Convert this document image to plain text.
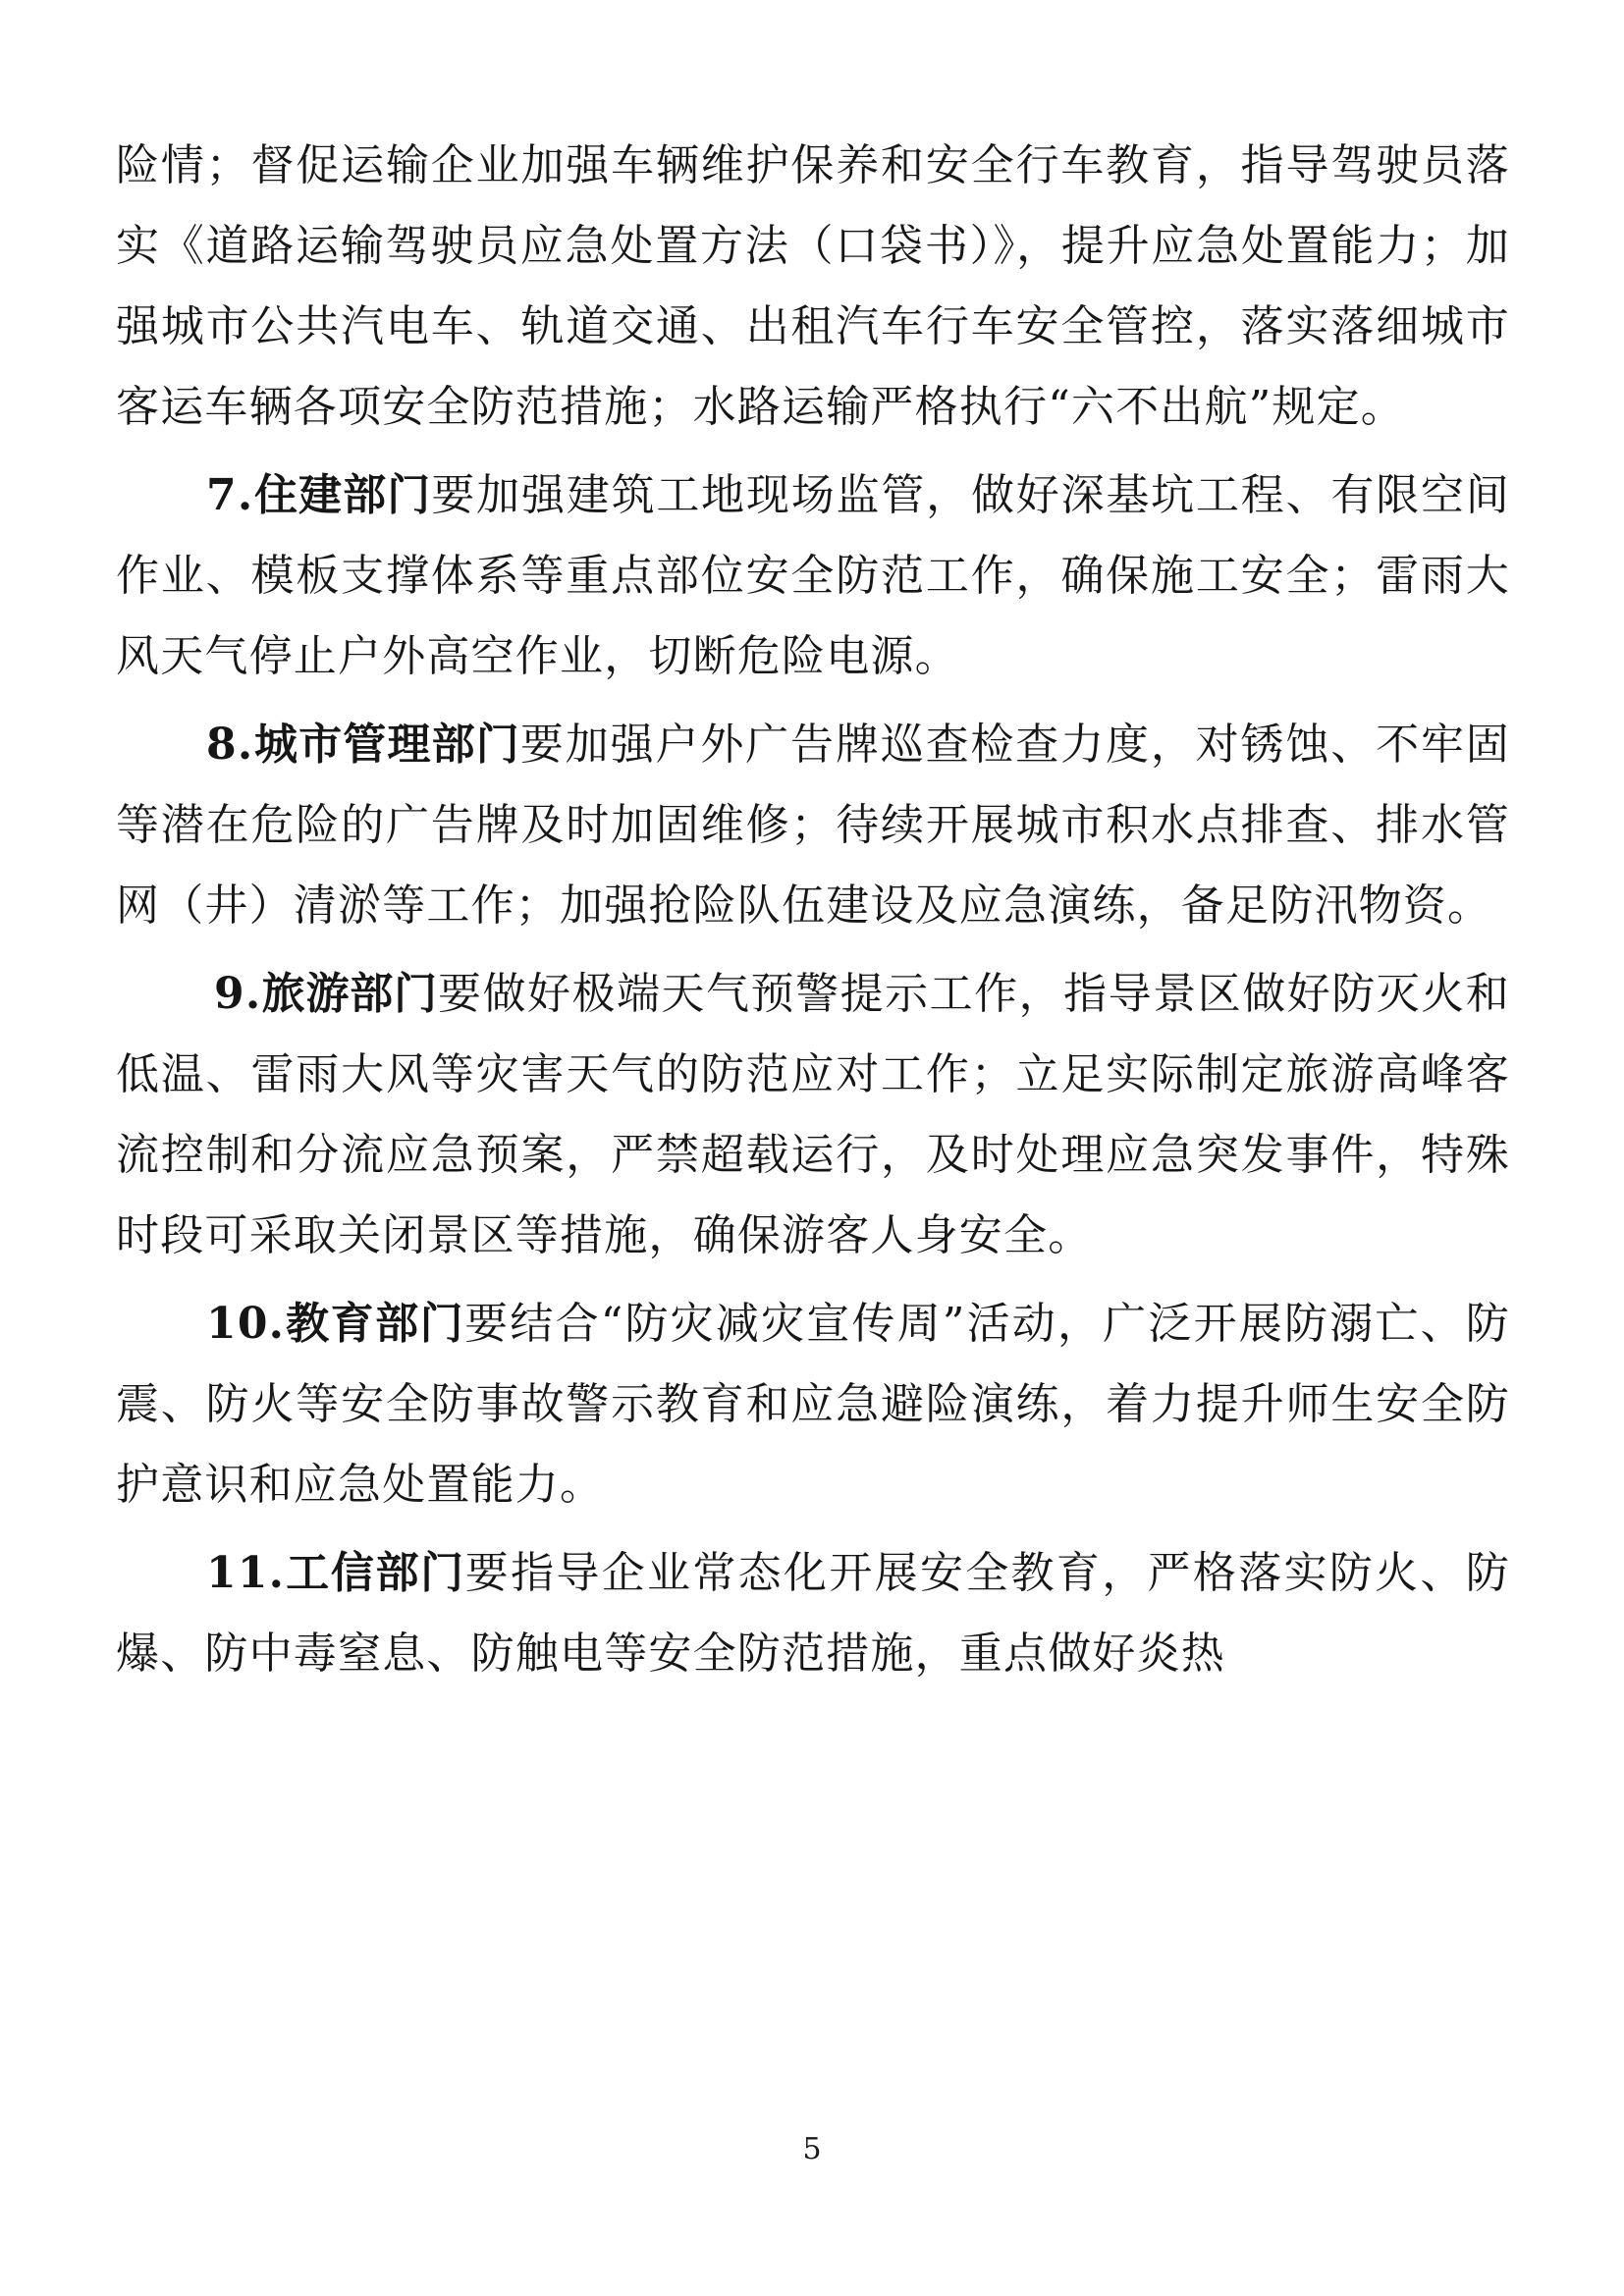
险情；督促运输企业加强车辆维护保养和安全行车教育，指导驾驶员落实《道路运输驾驶员应急处置方法（口袋书）》，提升应急处置能力；加强城市公共汽电车、轨道交通、出租汽车行车安全管控，落实落细城市客运车辆各项安全防范措施；水路运输严格执行“六不出航”规定。

7.住建部门要加强建筑工地现场监管，做好深基坑工程、有限空间作业、模板支撑体系等重点部位安全防范工作，确保施工安全；雷雨大风天气停止户外高空作业，切断危险电源。

8.城市管理部门要加强户外广告牌巡查检查力度，对锈蚀、不牢固等潜在危险的广告牌及时加固维修；待续开展城市积水点排查、排水管网（井）清淤等工作；加强抢险队伍建设及应急演练，备足防汛物资。

9.旅游部门要做好极端天气预警提示工作，指导景区做好防灭火和低温、雷雨大风等灾害天气的防范应对工作；立足实际制定旅游高峰客流控制和分流应急预案，严禁超载运行，及时处理应急突发事件，特殊时段可采取关闭景区等措施，确保游客人身安全。

10.教育部门要结合“防灾减灾宣传周”活动，广泛开展防溺亡、防震、防火等安全防事故警示教育和应急避险演练，着力提升师生安全防护意识和应急处置能力。

11.工信部门要指导企业常态化开展安全教育，严格落实防火、防爆、防中毒窒息、防触电等安全防范措施，重点做好炎热

5
